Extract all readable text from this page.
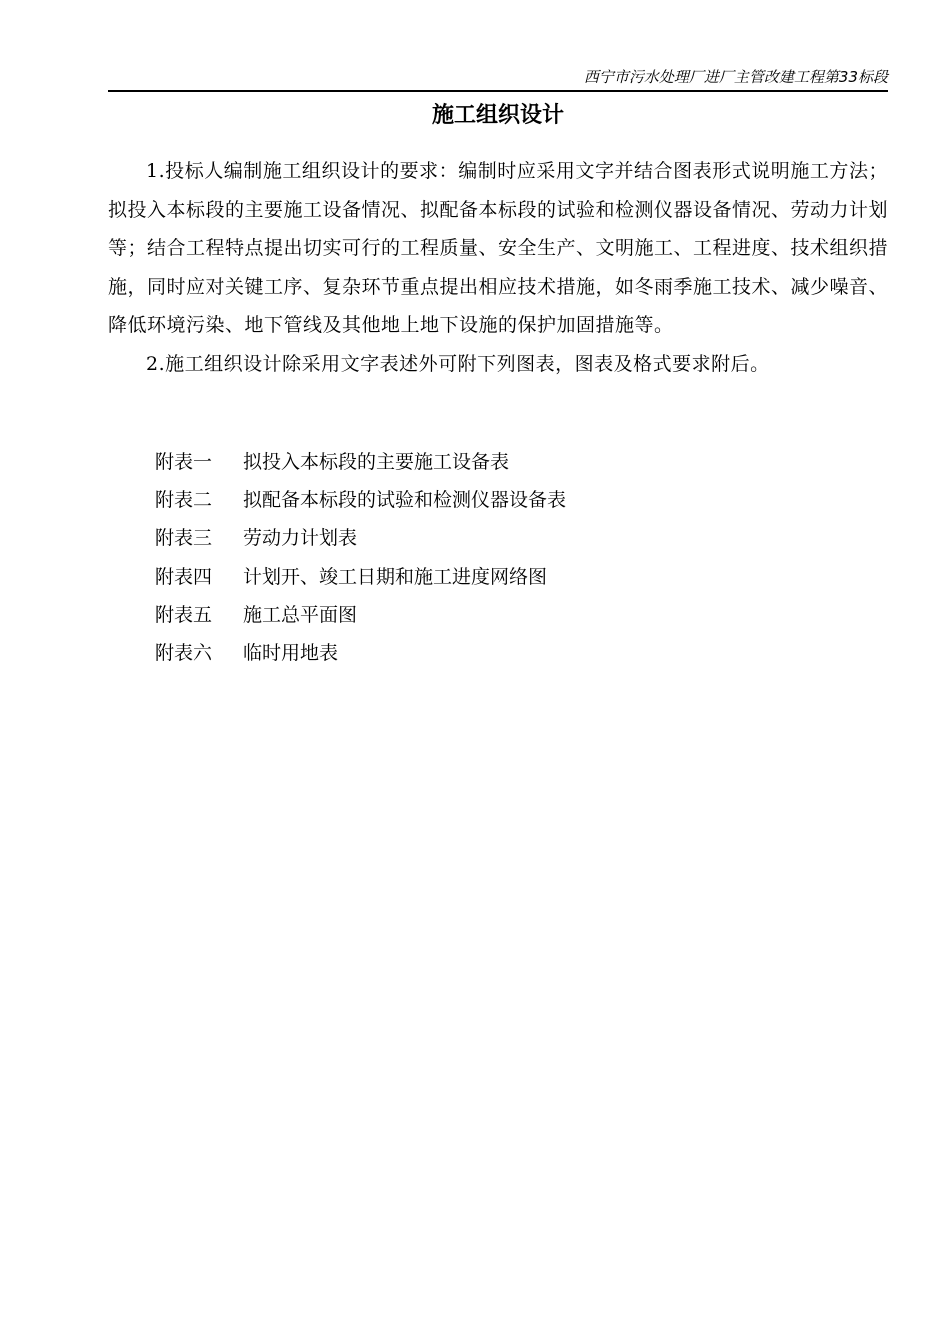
西宁市污水处理厂进厂主管改建工程第33标段
施工组织设计

1.投标人编制施工组织设计的要求：编制时应采用文字并结合图表形式说明施工方法；拟投入本标段的主要施工设备情况、拟配备本标段的试验和检测仪器设备情况、劳动力计划等；结合工程特点提出切实可行的工程质量、安全生产、文明施工、工程进度、技术组织措施，同时应对关键工序、复杂环节重点提出相应技术措施，如冬雨季施工技术、减少噪音、降低环境污染、地下管线及其他地上地下设施的保护加固措施等。

2.施工组织设计除采用文字表述外可附下列图表，图表及格式要求附后。

附表一 拟投入本标段的主要施工设备表
附表二 拟配备本标段的试验和检测仪器设备表
附表三 劳动力计划表
附表四 计划开、竣工日期和施工进度网络图
附表五 施工总平面图
附表六 临时用地表
